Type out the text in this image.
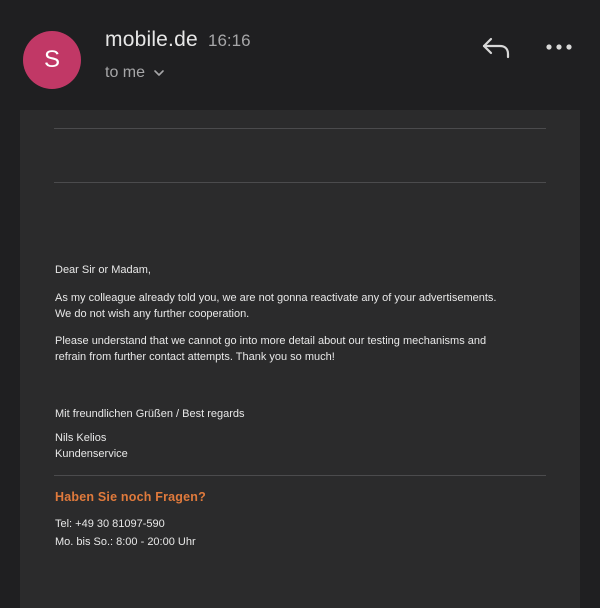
S
mobile.de 16:16
to me
Dear Sir or Madam,

As my colleague already told you, we are not gonna reactivate any of your advertisements.

We do not wish any further cooperation.

Please understand that we cannot go into more detail about our testing mechanisms and

refrain from further contact attempts. Thank you so much!

Mit freundlichen Grüßen / Best regards

Nils Kelios

Kundenservice

Haben Sie noch Fragen?

Tel: +49 30 81097-590

Mo. bis So.: 8:00 - 20:00 Uhr
